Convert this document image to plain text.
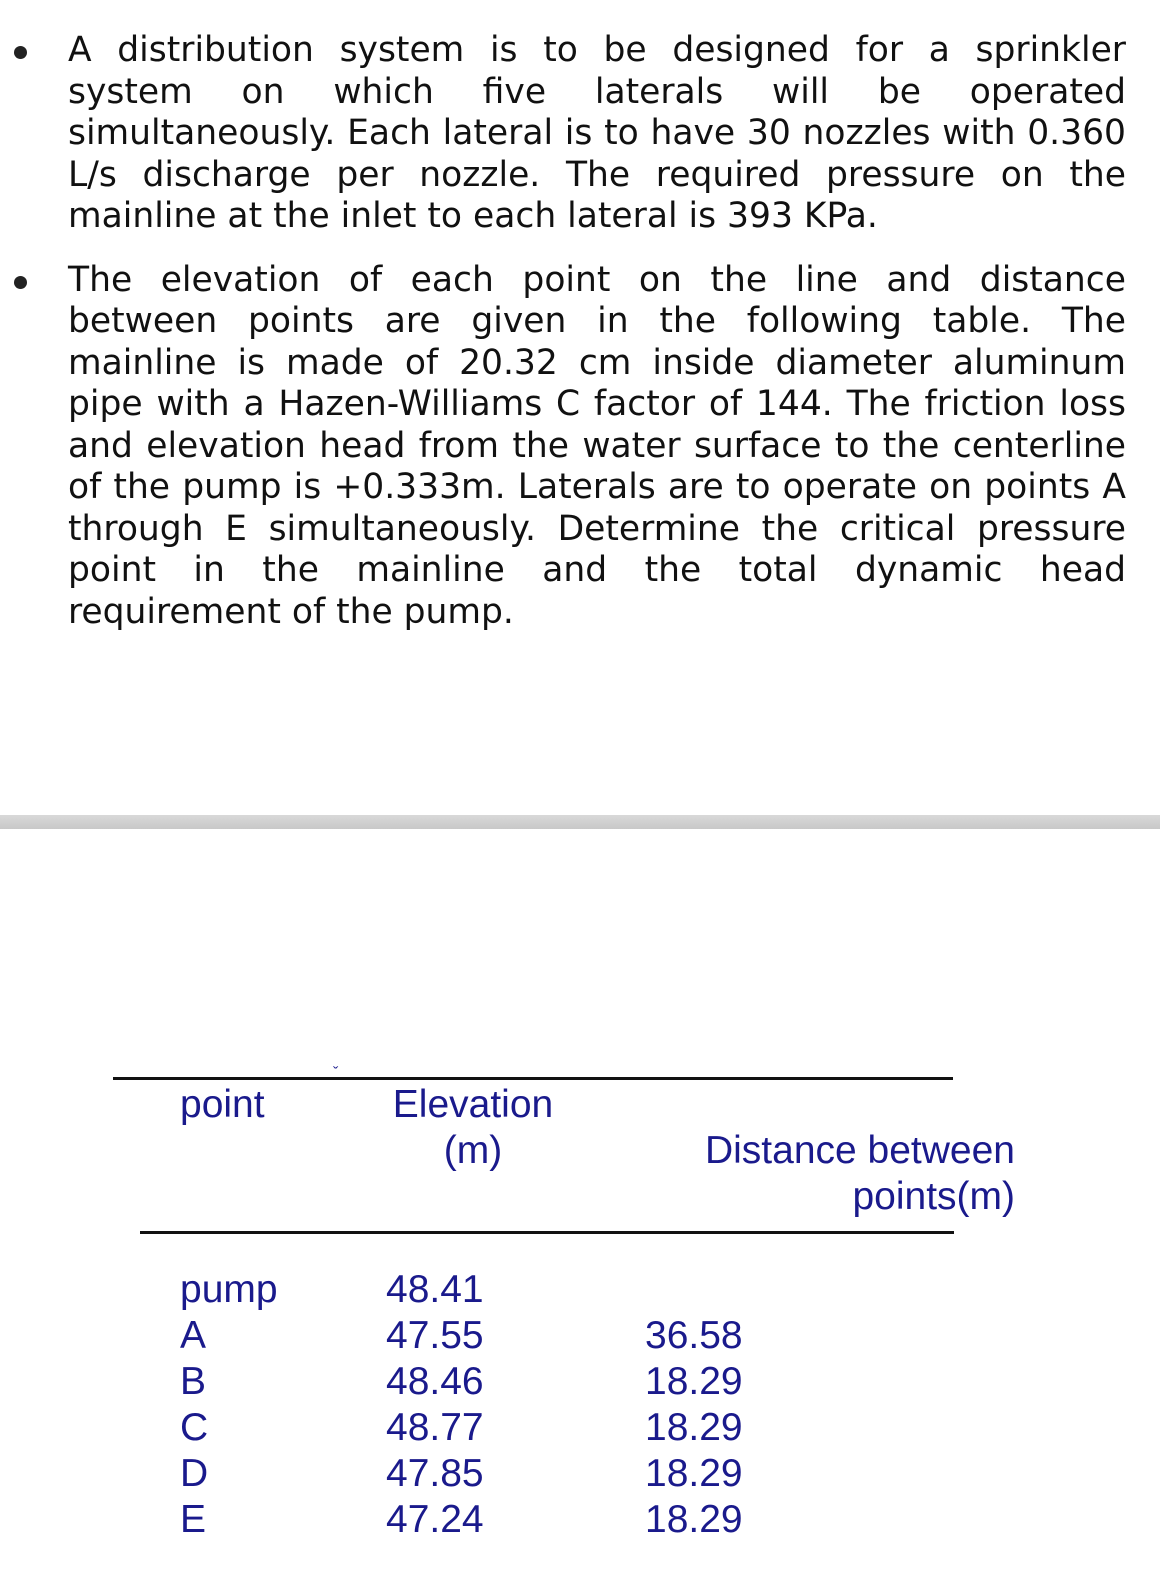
A distribution system is to be designed for a sprinkler system on which five laterals will be operated simultaneously. Each lateral is to have 30 nozzles with 0.360 L/s discharge per nozzle. The required pressure on the mainline at the inlet to each lateral is 393 KPa.
The elevation of each point on the line and distance between points are given in the following table. The mainline is made of 20.32 cm inside diameter aluminum pipe with a Hazen-Williams C factor of 144. The friction loss and elevation head from the water surface to the centerline of the pump is +0.333m. Laterals are to operate on points A through E simultaneously. Determine the critical pressure point in the mainline and the total dynamic head requirement of the pump.
ˇ
point	Elevation
(m)	Distance between
points(m)
pump
A
B
C
D
E
48.41
47.55
48.46
48.77
47.85
47.24
36.58
18.29
18.29
18.29
18.29
